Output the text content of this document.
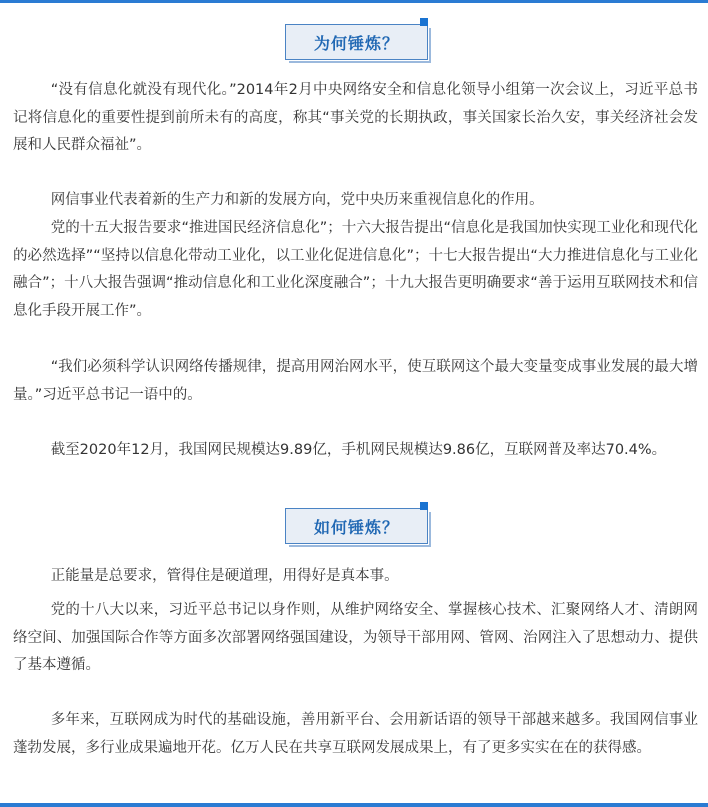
为何锤炼？

“没有信息化就没有现代化。”2014年2月中央网络安全和信息化领导小组第一次会议上，习近平总书记将信息化的重要性提到前所未有的高度，称其“事关党的长期执政，事关国家长治久安，事关经济社会发展和人民群众福祉”。

网信事业代表着新的生产力和新的发展方向，党中央历来重视信息化的作用。

党的十五大报告要求“推进国民经济信息化”；十六大报告提出“信息化是我国加快实现工业化和现代化的必然选择”“坚持以信息化带动工业化，以工业化促进信息化”；十七大报告提出“大力推进信息化与工业化融合”；十八大报告强调“推动信息化和工业化深度融合”；十九大报告更明确要求“善于运用互联网技术和信息化手段开展工作”。

“我们必须科学认识网络传播规律，提高用网治网水平，使互联网这个最大变量变成事业发展的最大增量。”习近平总书记一语中的。

截至2020年12月，我国网民规模达9.89亿，手机网民规模达9.86亿，互联网普及率达70.4%。

如何锤炼？

正能量是总要求，管得住是硬道理，用得好是真本事。

党的十八大以来，习近平总书记以身作则，从维护网络安全、掌握核心技术、汇聚网络人才、清朗网络空间、加强国际合作等方面多次部署网络强国建设，为领导干部用网、管网、治网注入了思想动力、提供了基本遵循。

多年来，互联网成为时代的基础设施，善用新平台、会用新话语的领导干部越来越多。我国网信事业蓬勃发展，多行业成果遍地开花。亿万人民在共享互联网发展成果上，有了更多实实在在的获得感。
